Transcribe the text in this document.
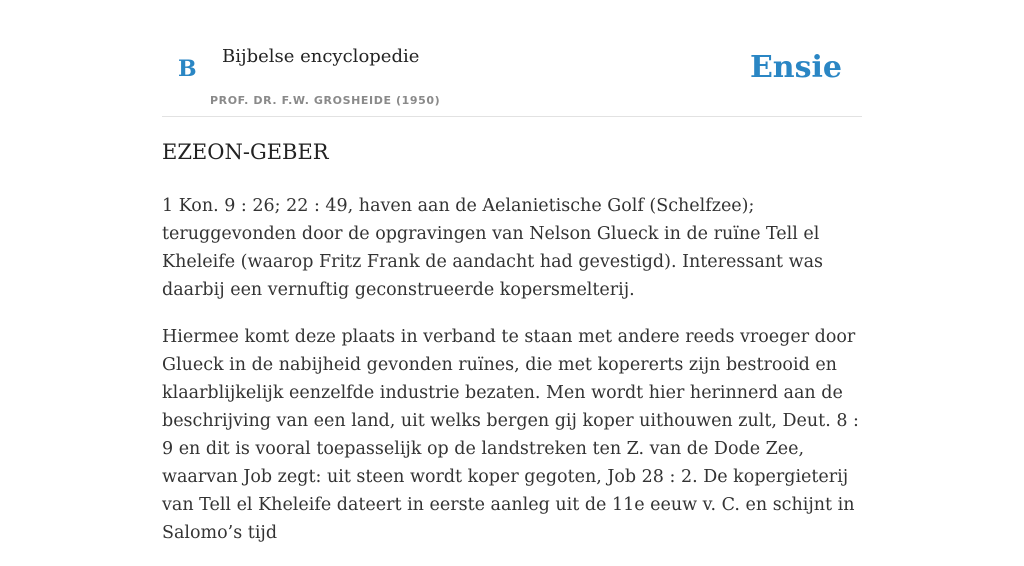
B Bijbelse encyclopedie
PROF. DR. F.W. GROSHEIDE (1950)
Ensie
EZEON-GEBER

1 Kon. 9 : 26; 22 : 49, haven aan de Aelanietische Golf (Schelfzee); teruggevonden door de opgravingen van Nelson Glueck in de ruïne Tell el Kheleife (waarop Fritz Frank de aandacht had gevestigd). Interessant was daarbij een vernuftig geconstrueerde kopersmelterij.

Hiermee komt deze plaats in verband te staan met andere reeds vroeger door Glueck in de nabijheid gevonden ruïnes, die met kopererts zijn bestrooid en klaarblijkelijk eenzelfde industrie bezaten. Men wordt hier herinnerd aan de beschrijving van een land, uit welks bergen gij koper uithouwen zult, Deut. 8 : 9 en dit is vooral toepasselijk op de landstreken ten Z. van de Dode Zee, waarvan Job zegt: uit steen wordt koper gegoten, Job 28 : 2. De kopergieterij van Tell el Kheleife dateert in eerste aanleg uit de 11e eeuw v. C. en schijnt in Salomo’s tijd
